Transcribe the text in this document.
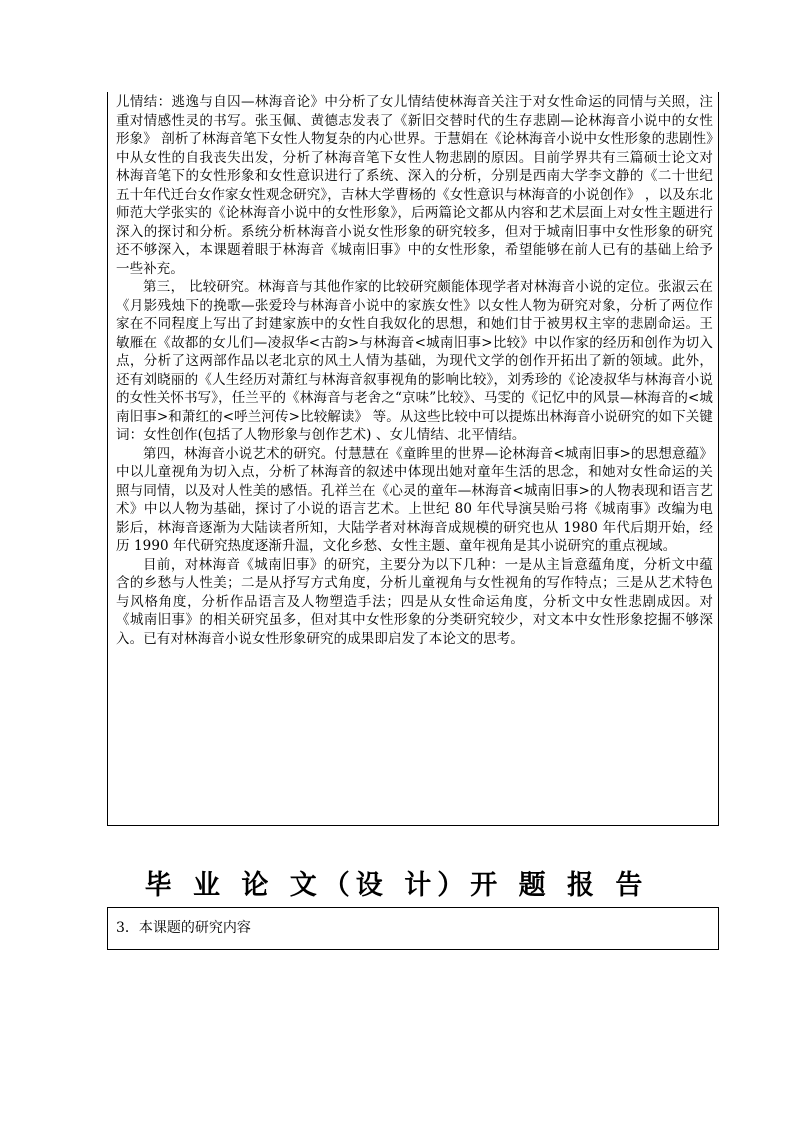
儿情结：逃逸与自囚—林海音论》中分析了女儿情结使林海音关注于对女性命运的同情与关照，注重对情感性灵的书写。张玉佩、黄德志发表了《新旧交替时代的生存悲剧—论林海音小说中的女性形象》 剖析了林海音笔下女性人物复杂的内心世界。于慧娟在《论林海音小说中女性形象的悲剧性》中从女性的自我丧失出发，分析了林海音笔下女性人物悲剧的原因。目前学界共有三篇硕士论文对林海音笔下的女性形象和女性意识进行了系统、深入的分析，分别是西南大学李文静的《二十世纪五十年代迁台女作家女性观念研究》，吉林大学曹杨的《女性意识与林海音的小说创作》 ，以及东北师范大学张实的《论林海音小说中的女性形象》，后两篇论文都从内容和艺术层面上对女性主题进行深入的探讨和分析。系统分析林海音小说女性形象的研究较多，但对于城南旧事中女性形象的研究还不够深入，本课题着眼于林海音《城南旧事》中的女性形象，希望能够在前人已有的基础上给予一些补充。

第三， 比较研究。林海音与其他作家的比较研究颇能体现学者对林海音小说的定位。张淑云在《月影残烛下的挽歌—张爱玲与林海音小说中的家族女性》以女性人物为研究对象，分析了两位作家在不同程度上写出了封建家族中的女性自我奴化的思想，和她们甘于被男权主宰的悲剧命运。王敏雁在《故都的女儿们—凌叔华<古韵>与林海音<城南旧事>比较》中以作家的经历和创作为切入点，分析了这两部作品以老北京的风土人情为基础，为现代文学的创作开拓出了新的领域。此外，还有刘晓丽的《人生经历对萧红与林海音叙事视角的影响比较》，刘秀珍的《论凌叔华与林海音小说的女性关怀书写》，任兰平的《林海音与老舍之“京味”比较》、马雯的《记忆中的风景—林海音的<城南旧事>和萧红的<呼兰河传>比较解读》 等。从这些比较中可以提炼出林海音小说研究的如下关键词：女性创作(包括了人物形象与创作艺术) 、女儿情结、北平情结。

第四，林海音小说艺术的研究。付慧慧在《童眸里的世界—论林海音<城南旧事>的思想意蕴》中以儿童视角为切入点，分析了林海音的叙述中体现出她对童年生活的思念，和她对女性命运的关照与同情，以及对人性美的感悟。孔祥兰在《心灵的童年—林海音<城南旧事>的人物表现和语言艺术》中以人物为基础，探讨了小说的语言艺术。上世纪 80 年代导演吴贻弓将《城南事》改编为电影后，林海音逐渐为大陆读者所知，大陆学者对林海音成规模的研究也从 1980 年代后期开始，经历 1990 年代研究热度逐渐升温，文化乡愁、女性主题、童年视角是其小说研究的重点视域。

目前，对林海音《城南旧事》的研究，主要分为以下几种：一是从主旨意蕴角度，分析文中蕴含的乡愁与人性美；二是从抒写方式角度，分析儿童视角与女性视角的写作特点；三是从艺术特色与风格角度，分析作品语言及人物塑造手法；四是从女性命运角度，分析文中女性悲剧成因。对《城南旧事》的相关研究虽多，但对其中女性形象的分类研究较少，对文本中女性形象挖掘不够深入。已有对林海音小说女性形象研究的成果即启发了本论文的思考。

毕 业 论 文（设 计）开 题 报 告
3．本课题的研究内容
